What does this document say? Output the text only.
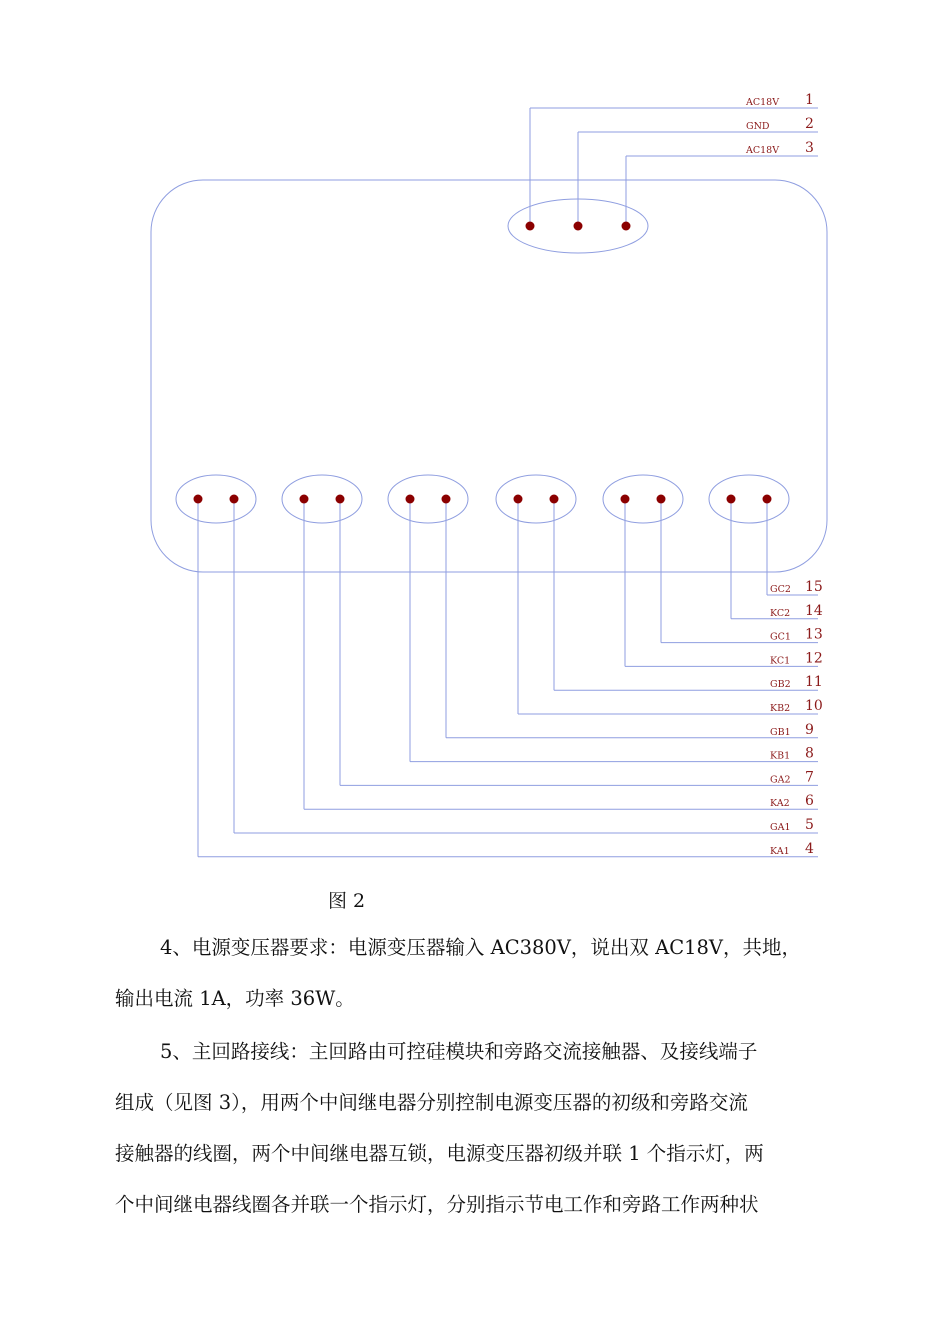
AC18V 1
GND	2
AC18V 3
GC2 15
KC2 14
GC1 13
KC1 12
GB2 11
KB2 10
GB1 9
KB1 8
GA2 7
KA2 6
GA1 5
KA1 4
图 2
4、电源变压器要求：电源变压器输入 AC380V，说出双 AC18V，共地，
输出电流 1A，功率 36W。
5、主回路接线：主回路由可控硅模块和旁路交流接触器、及接线端子
组成（见图 3），用两个中间继电器分别控制电源变压器的初级和旁路交流
接触器的线圈，两个中间继电器互锁，电源变压器初级并联 1 个指示灯，两
个中间继电器线圈各并联一个指示灯，分别指示节电工作和旁路工作两种状
